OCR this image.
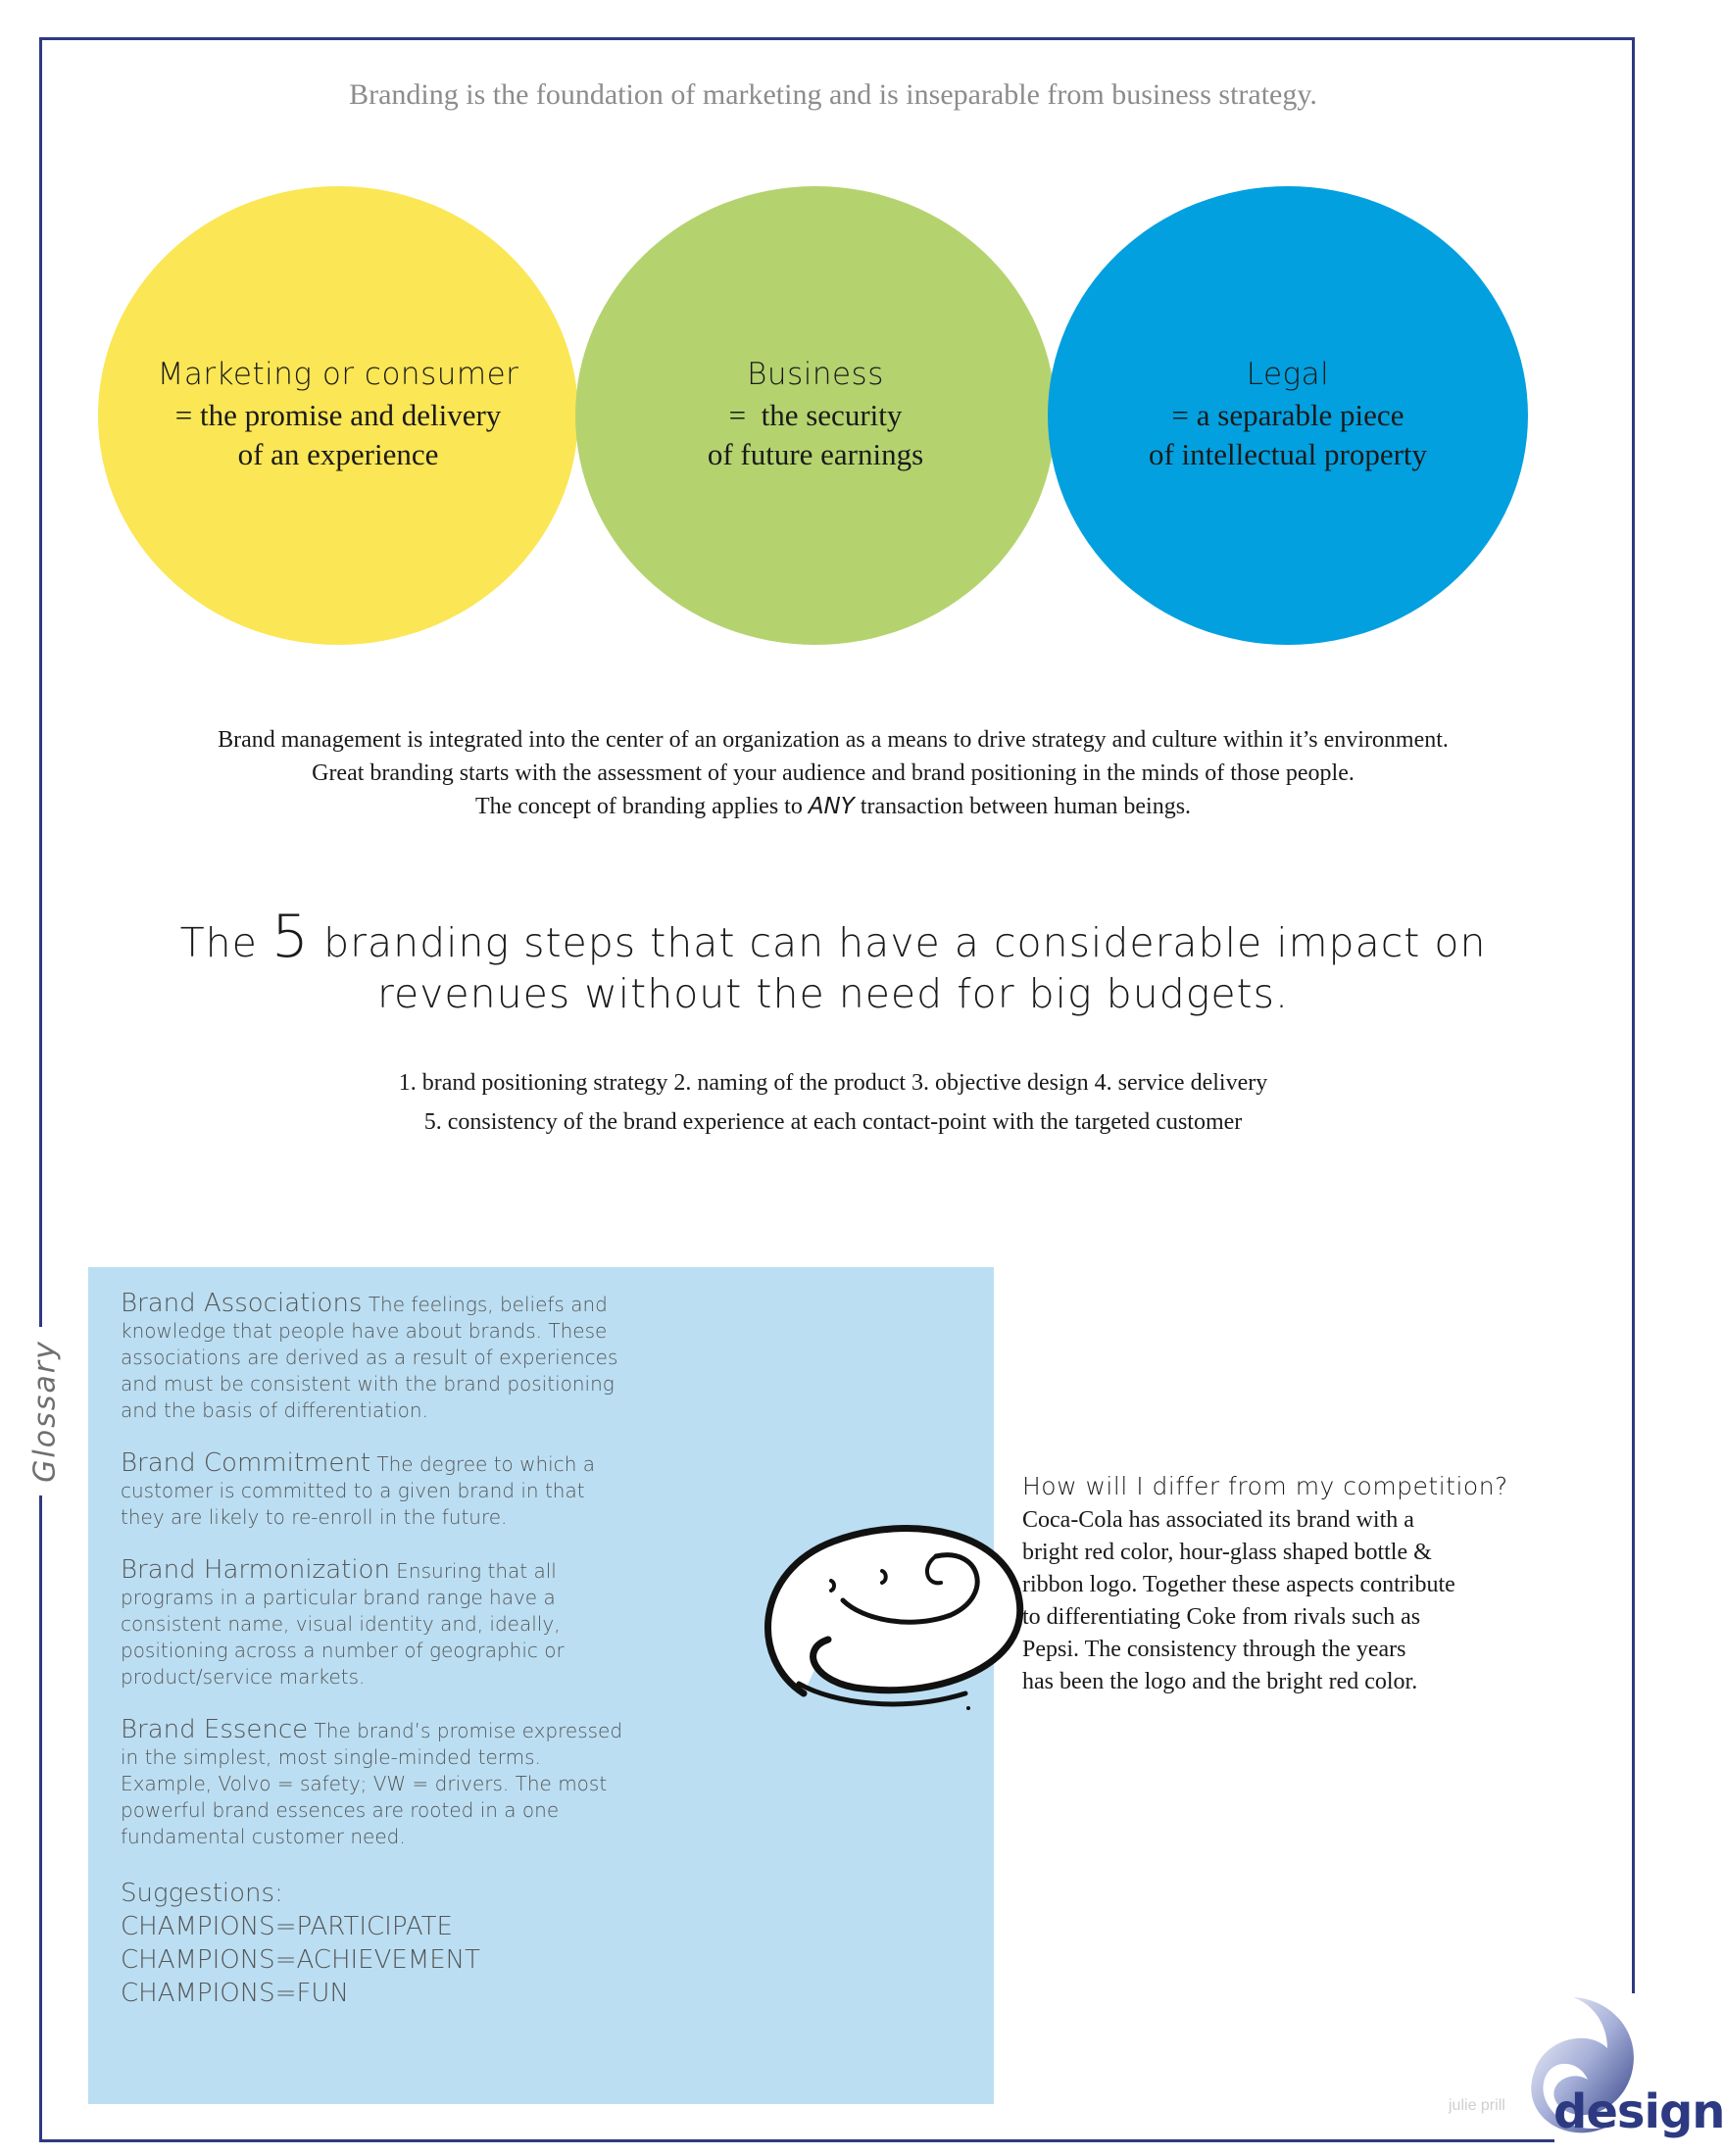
Branding is the foundation of marketing and is inseparable from business strategy.
Marketing or consumer
= the promise and delivery
of an experience
Business
=  the security
of future earnings
Legal
= a separable piece
of intellectual property
Brand management is integrated into the center of an organization as a means to drive strategy and culture within it’s environment.
Great branding starts with the assessment of your audience and brand positioning in the minds of those people.
The concept of branding applies to ANY transaction between human beings.
The 5 branding steps that can have a considerable impact on
revenues without the need for big budgets.
1. brand positioning strategy 2. naming of the product 3. objective design 4. service delivery
5. consistency of the brand experience at each contact-point with the targeted customer
Glossary
Brand Associations The feelings, beliefs and knowledge that people have about brands. These associations are derived as a result of experiences and must be consistent with the brand positioning and the basis of differentiation.
Brand Commitment The degree to which a customer is committed to a given brand in that they are likely to re-enroll in the future.
Brand Harmonization Ensuring that all programs in a particular brand range have a consistent name, visual identity and, ideally, positioning across a number of geographic or product/service markets.
Brand Essence The brand’s promise expressed in the simplest, most single-minded terms. Example, Volvo = safety; VW = drivers. The most powerful brand essences are rooted in a one fundamental customer need.
Suggestions:
CHAMPIONS=PARTICIPATE
CHAMPIONS=ACHIEVEMENT
CHAMPIONS=FUN
How will I differ from my competition?
Coca-Cola has associated its brand with a
bright red color, hour-glass shaped bottle &
ribbon logo. Together these aspects contribute
to differentiating Coke from rivals such as
Pepsi. The consistency through the years
has been the logo and the bright red color.
julie prill design
